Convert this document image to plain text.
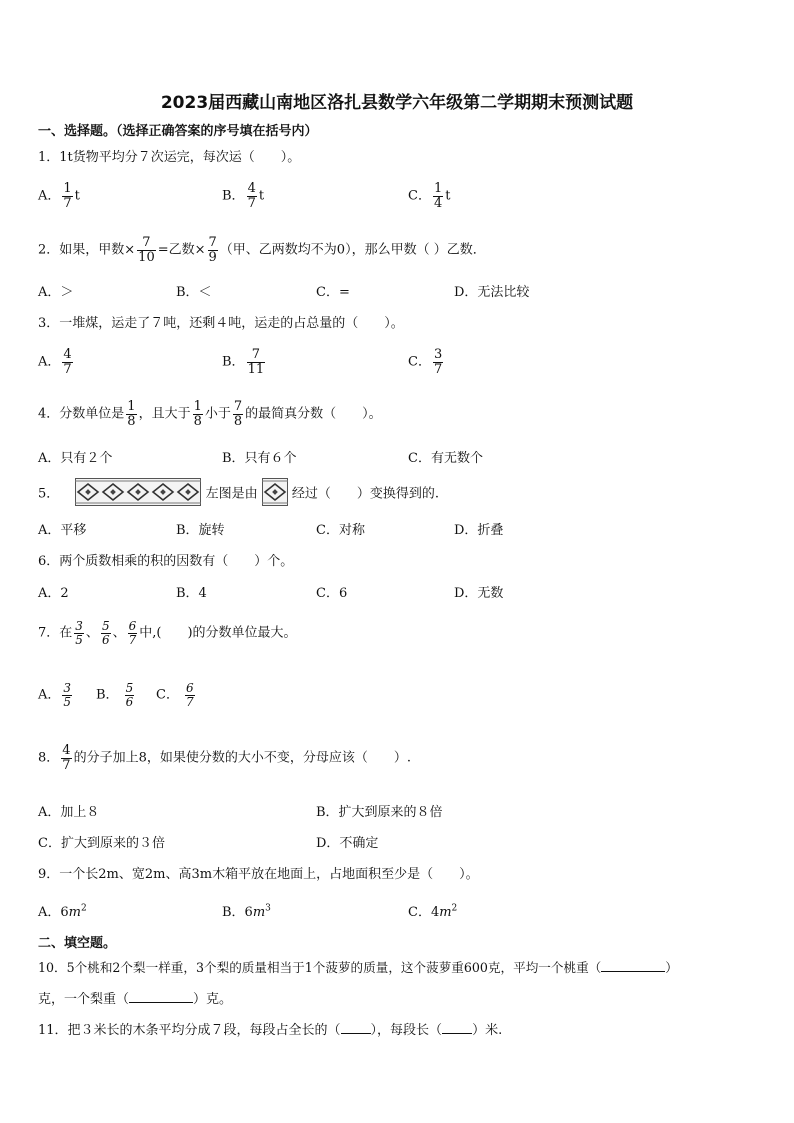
2023届西藏山南地区洛扎县数学六年级第二学期期末预测试题
一、选择题。（选择正确答案的序号填在括号内）
1．1t货物平均分７次运完，每次运（　　）。
A． $\frac{1}{7}$ t	B． $\frac{4}{7}$ t	C． $\frac{1}{4}$ t
2．如果，甲数× $\frac{7}{10}$ =乙数× $\frac{7}{9}$ （甲、乙两数均不为0），那么甲数（ ）乙数．
A．＞	B．＜	C．=	D．无法比较
3．一堆煤，运走了７吨，还剩４吨，运走的占总量的（　　）。
A． $\frac{4}{7}$	B． $\frac{7}{11}$	C． $\frac{3}{7}$
4．分数单位是 $\frac{1}{8}$ ，且大于 $\frac{1}{8}$ 小于 $\frac{7}{8}$ 的最简真分数（　　）。
A．只有２个	B．只有６个	C．有无数个
5．	左图是由	经过（　　）变换得到的.
A．平移	B．旋转	C．对称	D．折叠
6．两个质数相乘的积的因数有（　　）个。
A．2	B．4	C．6	D．无数
7．在 $\frac{3}{5}$ 、 $\frac{5}{6}$ 、 $\frac{6}{7}$ 中,(　　)的分数单位最大。
A． $\frac{3}{5}$ B． $\frac{5}{6}$ C． $\frac{6}{7}$
8． $\frac{4}{7}$ 的分子加上8，如果使分数的大小不变，分母应该（　　）.
A．加上８	B．扩大到原来的８倍
C．扩大到原来的３倍	D．不确定
9．一个长2m、宽2m、高3m木箱平放在地面上，占地面积至少是（　　）。
A．$6m^2$	B．$6m^3$	C．$4m^2$
二、填空题。
10．5个桃和2个梨一样重，3个梨的质量相当于1个菠萝的质量，这个菠萝重600克，平均一个桃重（	）
克，一个梨重（	）克。
11．把３米长的木条平均分成７段，每段占全长的（ ），每段长（ ）米.
